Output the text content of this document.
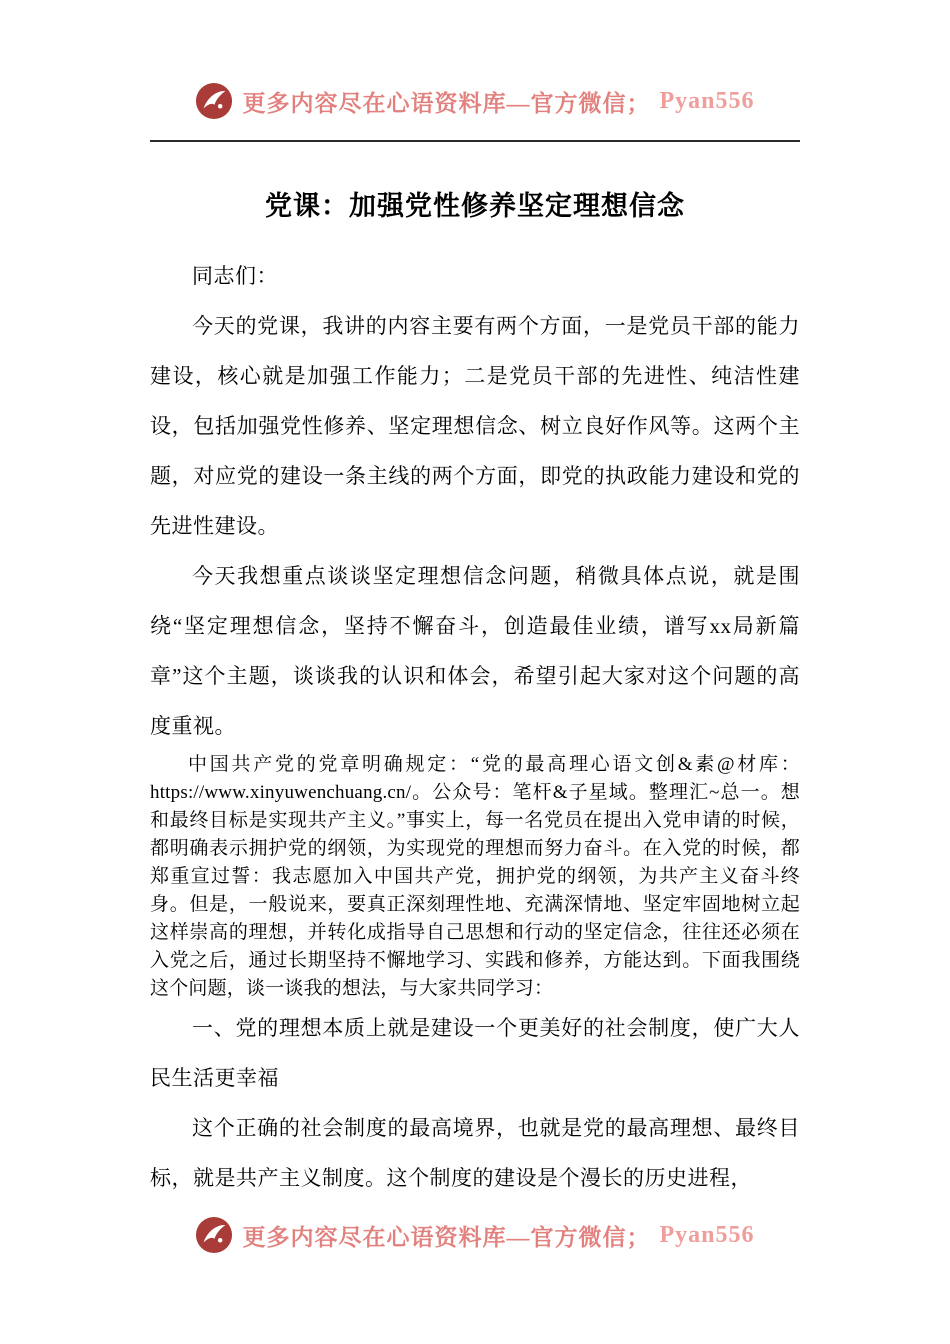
更多内容尽在心语资料库—官方微信； Pyan556
党课：加强党性修养坚定理想信念

同志们：

今天的党课，我讲的内容主要有两个方面，一是党员干部的能力建设，核心就是加强工作能力；二是党员干部的先进性、纯洁性建设，包括加强党性修养、坚定理想信念、树立良好作风等。这两个主题，对应党的建设一条主线的两个方面，即党的执政能力建设和党的先进性建设。

今天我想重点谈谈坚定理想信念问题，稍微具体点说，就是围绕“坚定理想信念，坚持不懈奋斗，创造最佳业绩，谱写xx局新篇章”这个主题，谈谈我的认识和体会，希望引起大家对这个问题的高度重视。

中国共产党的党章明确规定：“党的最高理心语文创&素@材库：https://www.xinyuwenchuang.cn/。公众号：笔杆&子星域。整理汇~总一。想和最终目标是实现共产主义。”事实上，每一名党员在提出入党申请的时候，都明确表示拥护党的纲领，为实现党的理想而努力奋斗。在入党的时候，都郑重宣过誓：我志愿加入中国共产党，拥护党的纲领，为共产主义奋斗终身。但是，一般说来，要真正深刻理性地、充满深情地、坚定牢固地树立起这样崇高的理想，并转化成指导自己思想和行动的坚定信念，往往还必须在入党之后，通过长期坚持不懈地学习、实践和修养，方能达到。下面我围绕这个问题，谈一谈我的想法，与大家共同学习：

一、党的理想本质上就是建设一个更美好的社会制度，使广大人民生活更幸福

这个正确的社会制度的最高境界，也就是党的最高理想、最终目标，就是共产主义制度。这个制度的建设是个漫长的历史进程，

更多内容尽在心语资料库—官方微信； Pyan556
